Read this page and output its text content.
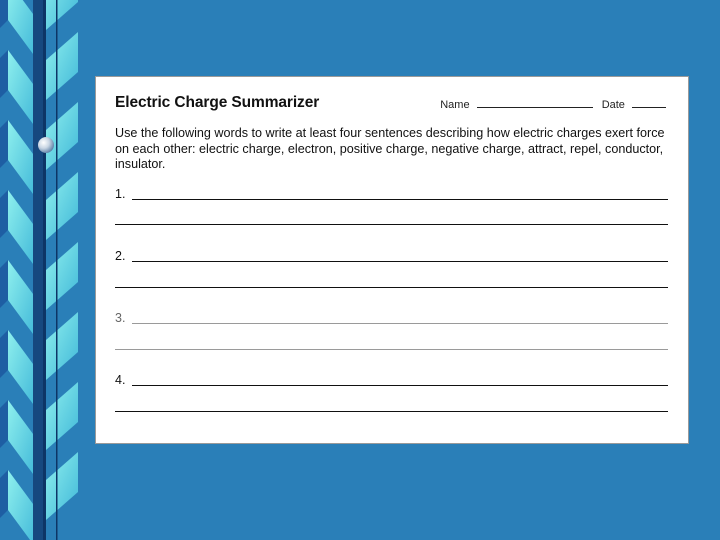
Electric Charge Summarizer	Name	Date

Use the following words to write at least four sentences describing how electric charges exert force on each other: electric charge, electron, positive charge, negative charge, attract, repel, conductor, insulator.

1.
2.
3.
4.
